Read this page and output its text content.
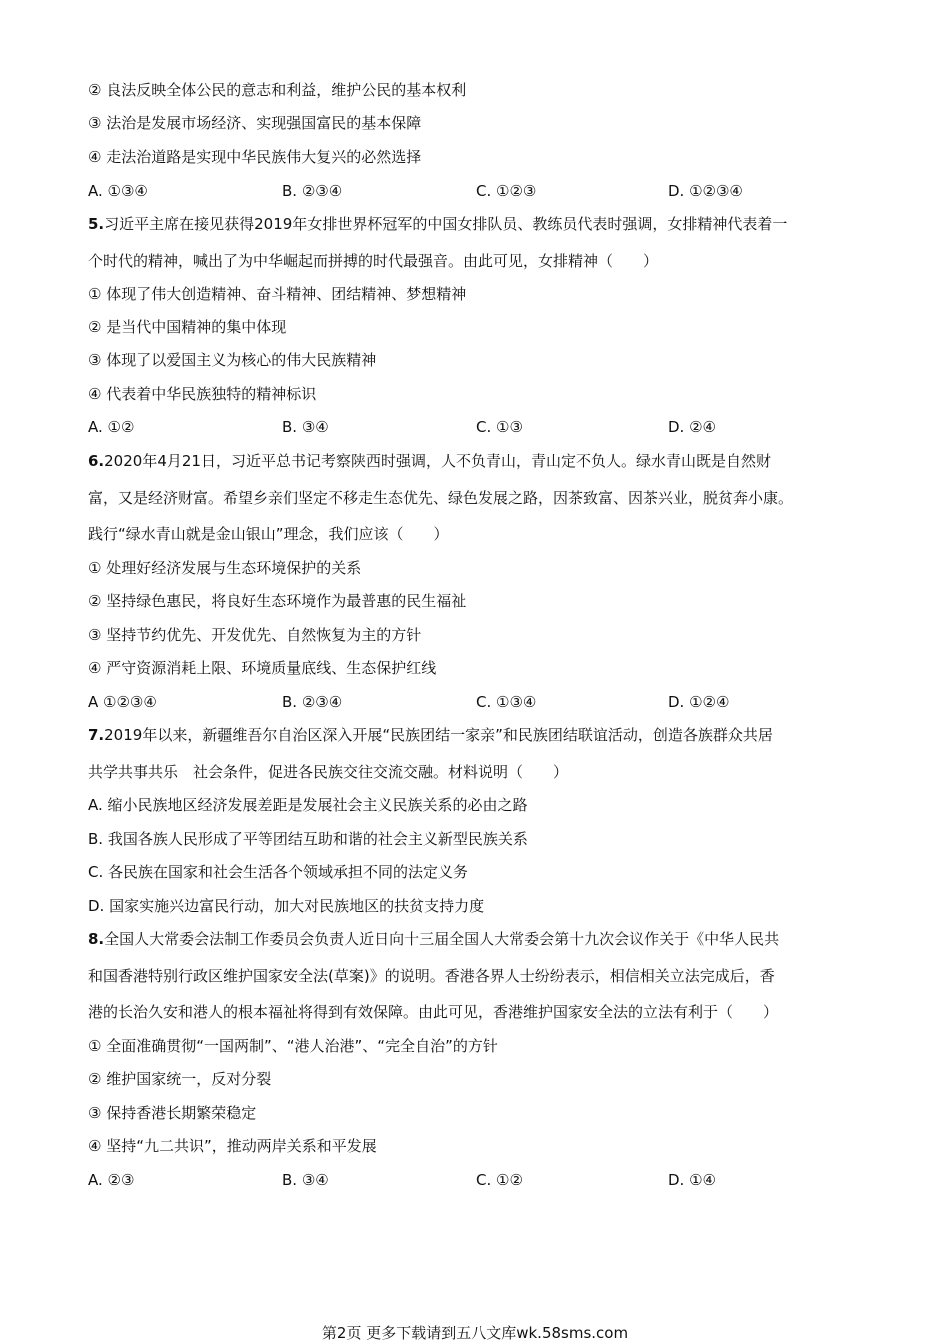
② 良法反映全体公民的意志和利益，维护公民的基本权利
③ 法治是发展市场经济、实现强国富民的基本保障
④ 走法治道路是实现中华民族伟大复兴的必然选择
A. ①③④	B. ②③④	C. ①②③	D. ①②③④
5.习近平主席在接见获得2019年女排世界杯冠军的中国女排队员、教练员代表时强调，女排精神代表着一
个时代的精神，喊出了为中华崛起而拼搏的时代最强音。由此可见，女排精神（　　）
① 体现了伟大创造精神、奋斗精神、团结精神、梦想精神
② 是当代中国精神的集中体现
③ 体现了以爱国主义为核心的伟大民族精神
④ 代表着中华民族独特的精神标识
A. ①②	B. ③④	C. ①③	D. ②④
6.2020年4月21日，习近平总书记考察陕西时强调，人不负青山，青山定不负人。绿水青山既是自然财
富，又是经济财富。希望乡亲们坚定不移走生态优先、绿色发展之路，因茶致富、因茶兴业，脱贫奔小康。
践行“绿水青山就是金山银山”理念，我们应该（　　）
① 处理好经济发展与生态环境保护的关系
② 坚持绿色惠民，将良好生态环境作为最普惠的民生福祉
③ 坚持节约优先、开发优先、自然恢复为主的方针
④ 严守资源消耗上限、环境质量底线、生态保护红线
A ①②③④	B. ②③④	C. ①③④	D. ①②④
7.2019年以来，新疆维吾尔自治区深入开展“民族团结一家亲”和民族团结联谊活动，创造各族群众共居
共学共事共乐　社会条件，促进各民族交往交流交融。材料说明（　　）
A. 缩小民族地区经济发展差距是发展社会主义民族关系的必由之路
B. 我国各族人民形成了平等团结互助和谐的社会主义新型民族关系
C. 各民族在国家和社会生活各个领域承担不同的法定义务
D. 国家实施兴边富民行动，加大对民族地区的扶贫支持力度
8.全国人大常委会法制工作委员会负责人近日向十三届全国人大常委会第十九次会议作关于《中华人民共
和国香港特别行政区维护国家安全法(草案)》的说明。香港各界人士纷纷表示，相信相关立法完成后，香
港的长治久安和港人的根本福祉将得到有效保障。由此可见，香港维护国家安全法的立法有利于（　　）
① 全面准确贯彻“一国两制”、“港人治港”、“完全自治”的方针
② 维护国家统一，反对分裂
③ 保持香港长期繁荣稳定
④ 坚持“九二共识”，推动两岸关系和平发展
A. ②③	B. ③④	C. ①②	D. ①④
第2页 更多下载请到五八文库wk.58sms.com
